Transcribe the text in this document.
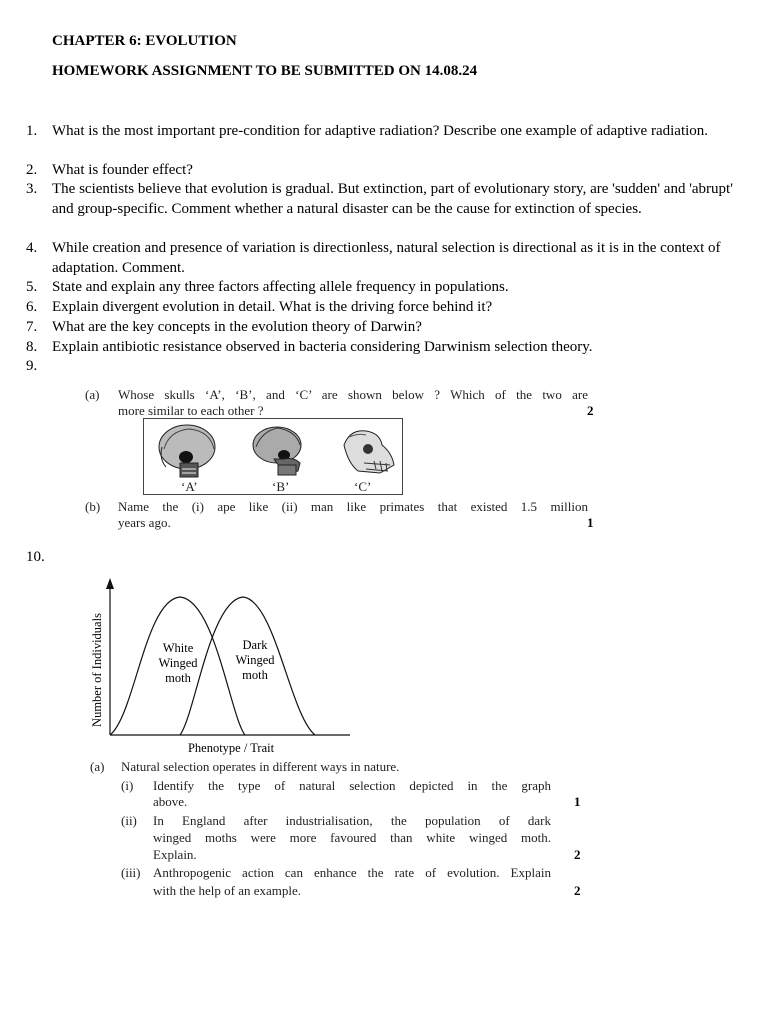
CHAPTER 6: EVOLUTION
HOMEWORK ASSIGNMENT TO BE SUBMITTED ON 14.08.24
1. What is the most important pre-condition for adaptive radiation? Describe one example of adaptive radiation.
2. What is founder effect?
3. The scientists believe that evolution is gradual. But extinction, part of evolutionary story, are 'sudden' and 'abrupt' and group-specific. Comment whether a natural disaster can be the cause for extinction of species.
4. While creation and presence of variation is directionless, natural selection is directional as it is in the context of adaptation. Comment.
5. State and explain any three factors affecting allele frequency in populations.
6. Explain divergent evolution in detail. What is the driving force behind it?
7. What are the key concepts in the evolution theory of Darwin?
8. Explain antibiotic resistance observed in bacteria considering Darwinism selection theory.
9.
(a) Whose skulls ‘A’, ‘B’, and ‘C’ are shown below ? Which of the two are
more similar to each other ?	2
‘A’	‘B’	‘C’
(b) Name the (i) ape like (ii) man like primates that existed 1.5 million
years ago.	1
10.
Number of Individuals	White
Winged
moth
Dark
Winged
moth
Phenotype / Trait
(a) Natural selection operates in different ways in nature.
(i) Identify the type of natural selection depicted in the graph
above.	1
(ii) In England after industrialisation, the population of dark
winged moths were more favoured than white winged moth.
Explain.	2
(iii) Anthropogenic action can enhance the rate of evolution. Explain
with the help of an example.	2
